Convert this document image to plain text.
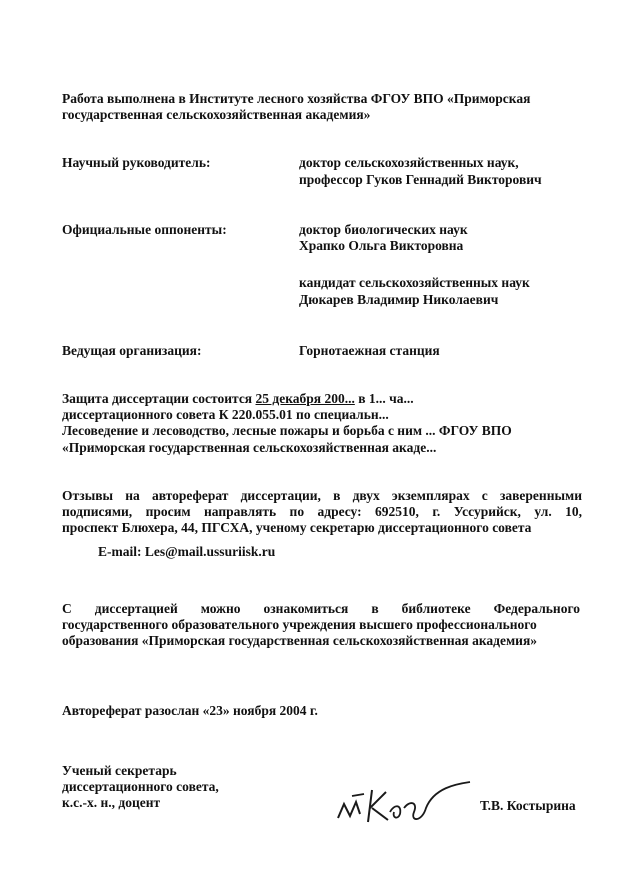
Работа выполнена в Институте лесного хозяйства ФГОУ ВПО «Приморская
государственная сельскохозяйственная академия»
Научный руководитель:	доктор сельскохозяйственных наук,
профессор Гуков Геннадий Викторович
Официальные оппоненты:	доктор биологических наук
Храпко Ольга Викторовна
кандидат сельскохозяйственных наук
Дюкарев Владимир Николаевич
Ведущая организация:	Горнотаежная станция
Защита диссертации состоится 25 декабря 200... в 1... ча...
диссертационного совета К 220.055.01 по специальн...
Лесоведение и лесоводство, лесные пожары и борьба с ним ... ФГОУ ВПО
«Приморская государственная сельскохозяйственная акаде...
Отзывы на автореферат диссертации, в двух экземплярах с заверенными
подписями, просим направлять по адресу: 692510, г. Уссурийск, ул. 10,
проспект Блюхера, 44, ПГСХА, ученому секретарю диссертационного совета
E-mail: Les@mail.ussuriisk.ru
С диссертацией можно ознакомиться в библиотеке Федерального
государственного образовательного учреждения высшего профессионального
образования «Приморская государственная сельскохозяйственная академия»
Автореферат разослан «23» ноября 2004 г.
Ученый секретарь
диссертационного совета,
к.с.-х. н., доцент	Т.В. Костырина
